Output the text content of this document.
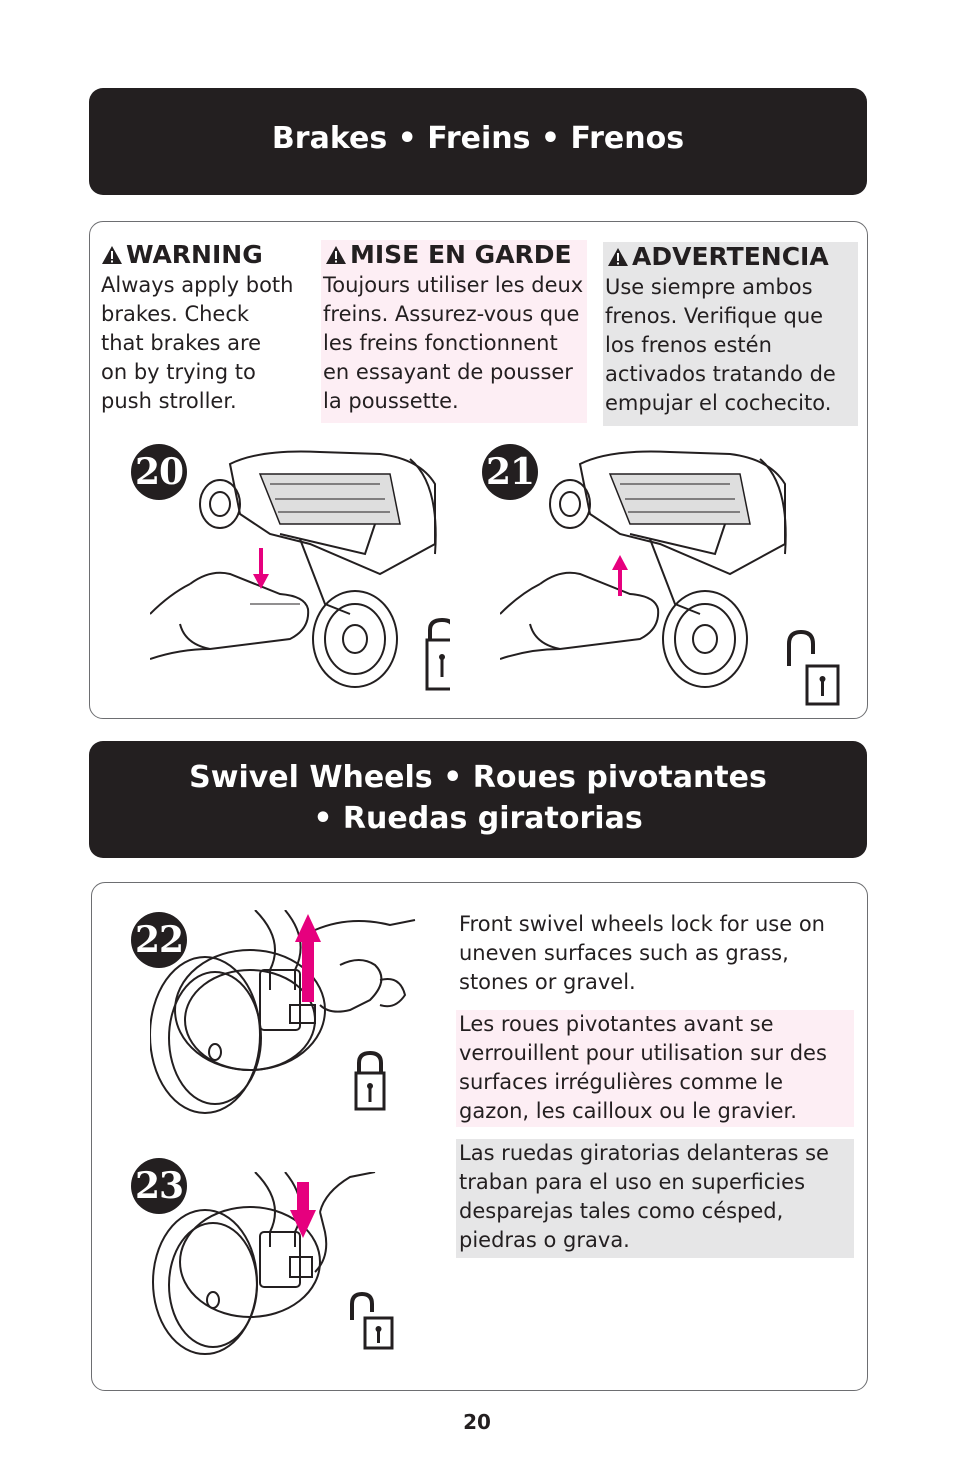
Brakes • Freins • Frenos
WARNING
Always apply both
brakes. Check
that brakes are
on by trying to
push stroller.
MISE EN GARDE
Toujours utiliser les deux
freins. Assurez-vous que
les freins fonctionnent
en essayant de pousser
la poussette.
ADVERTENCIA
Use siempre ambos
frenos. Verifique que
los frenos estén
activados tratando de
empujar el cochecito.
20	21
Swivel Wheels • Roues pivotantes
• Ruedas giratorias
22
23
Front swivel wheels lock for use on
uneven surfaces such as grass,
stones or gravel.
Les roues pivotantes avant se
verrouillent pour utilisation sur des
surfaces irrégulières comme le
gazon, les cailloux ou le gravier.
Las ruedas giratorias delanteras se
traban para el uso en superficies
desparejas tales como césped,
piedras o grava.
20
